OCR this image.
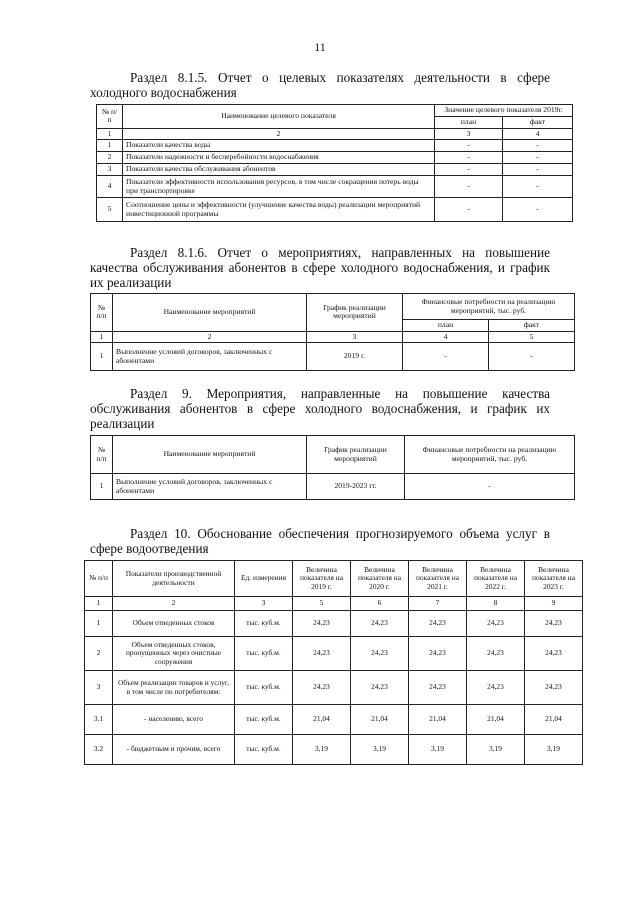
11
Раздел 8.1.5. Отчет о целевых показателях деятельности в сфере холодного водоснабжения
№ п/п	Наименование целевого показателя	Значение целевого показателя 2019г.	
		план	факт
1	2	3	4
1	Показатели качества воды	-	-
2	Показатели надежности и бесперебойности водоснабжения	-	-
3	Показатели качества обслуживания абонентов	-	-
4	Показатели эффективности использования ресурсов, в том числе сокращения потерь воды при транспортировке	-	-
5	Соотношение цены и эффективности (улучшение качества воды) реализации мероприятий инвестиционной программы	-	-
Раздел 8.1.6. Отчет о мероприятиях, направленных на повышение качества обслуживания абонентов в сфере холодного водоснабжения, и график их реализации
№ п/п	Наименование мероприятий	График реализации мероприятий	Финансовые потребности на реализацию мероприятий, тыс. руб.	
			план	факт
1	2	3	4	5
1	Выполнение условий договоров, заключенных с абонентами	2019 г.	-	-
Раздел 9. Мероприятия, направленные на повышение качества обслуживания абонентов в сфере холодного водоснабжения, и график их реализации
№ п/п	Наименование мероприятий	График реализации мероприятий	Финансовые потребности на реализацию мероприятий, тыс. руб.
1	Выполнение условий договоров, заключенных с абонентами	2019-2023 гг.	-
Раздел 10. Обоснование обеспечения прогнозируемого объема услуг в сфере водоотведения
№ п/п	Показатели производственной деятельности	Ед. измерения	Величина показателя на 2019 г.	Величина показателя на 2020 г.	Величина показателя на 2021 г.	Величина показателя на 2022 г.	Величина показателя на 2023 г.
1	2	3	5	6	7	8	9
1	Объем отведенных стоков	тыс. куб.м.	24,23	24,23	24,23	24,23	24,23
2	Объем отведенных стоков, пропущенных через очистные сооружения	тыс. куб.м.	24,23	24,23	24,23	24,23	24,23
3	Объем реализации товаров и услуг, в том числе по потребителям:	тыс. куб.м.	24,23	24,23	24,23	24,23	24,23
3.1	- населению, всего	тыс. куб.м.	21,04	21,04	21,04	21,04	21,04
3.2	- бюджетным и прочим, всего	тыс. куб.м.	3,19	3,19	3,19	3,19	3,19
